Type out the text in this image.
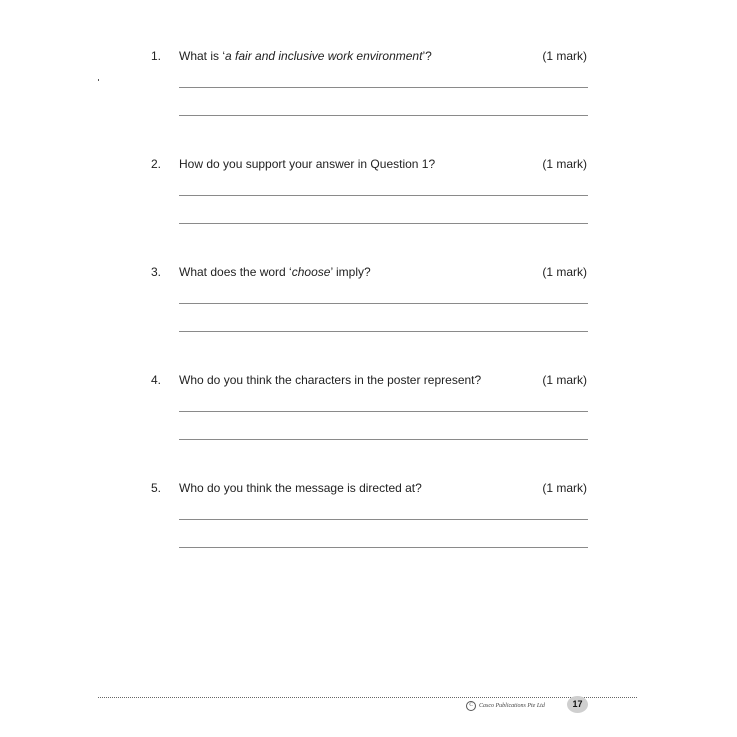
1. What is ‘a fair and inclusive work environment’?	(1 mark)
2. How do you support your answer in Question 1?	(1 mark)
3. What does the word ‘choose’ imply?	(1 mark)
4. Who do you think the characters in the poster represent?	(1 mark)
5. Who do you think the message is directed at?	(1 mark)
C	Casco Publications Pte Ltd	17
